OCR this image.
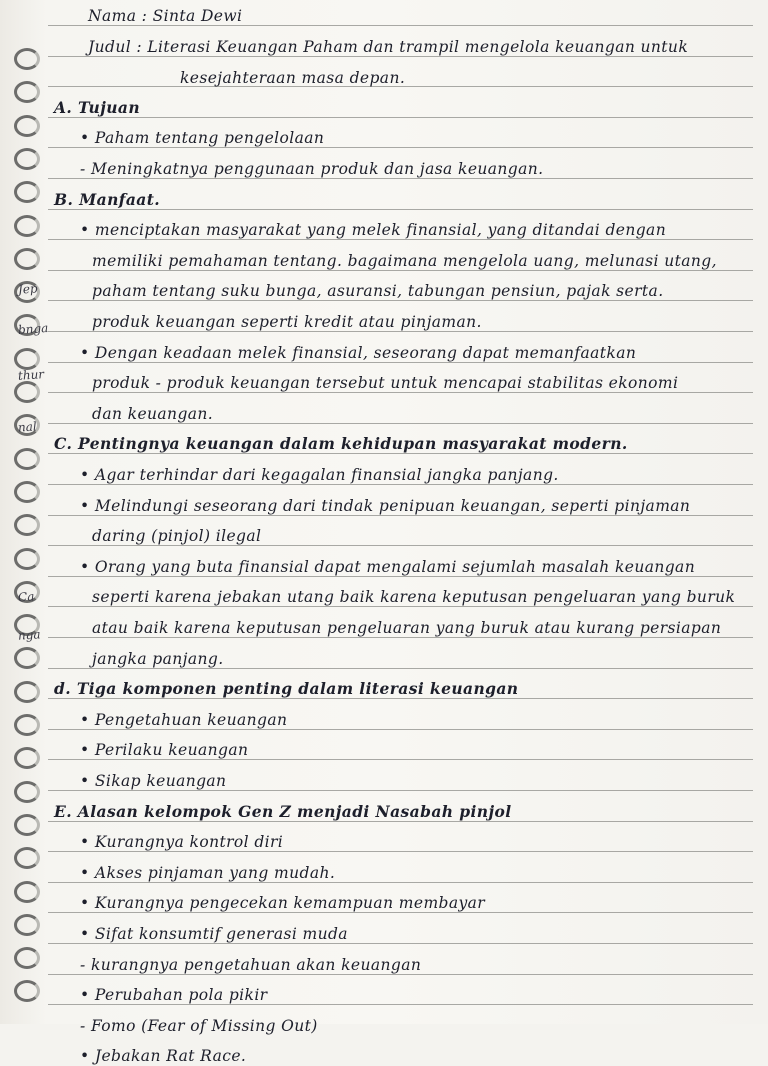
Jep
bnga
thur
nal
Ca
nga
Nama : Sinta Dewi
Judul : Literasi Keuangan Paham dan trampil mengelola keuangan untuk
kesejahteraan masa depan.
A. Tujuan
• Paham tentang pengelolaan
- Meningkatnya penggunaan produk dan jasa keuangan.
B. Manfaat.
• menciptakan masyarakat yang melek finansial, yang ditandai dengan
memiliki pemahaman tentang. bagaimana mengelola uang, melunasi utang,
paham tentang suku bunga, asuransi, tabungan pensiun, pajak serta.
produk keuangan seperti kredit atau pinjaman.
• Dengan keadaan melek finansial, seseorang dapat memanfaatkan
produk - produk keuangan tersebut untuk mencapai stabilitas ekonomi
dan keuangan.
C. Pentingnya keuangan dalam kehidupan masyarakat modern.
• Agar terhindar dari kegagalan finansial jangka panjang.
• Melindungi seseorang dari tindak penipuan keuangan, seperti pinjaman
daring (pinjol) ilegal
• Orang yang buta finansial dapat mengalami sejumlah masalah keuangan
seperti karena jebakan utang baik karena keputusan pengeluaran yang buruk
atau baik karena keputusan pengeluaran yang buruk atau kurang persiapan
jangka panjang.
d. Tiga komponen penting dalam literasi keuangan
• Pengetahuan keuangan
• Perilaku keuangan
• Sikap keuangan
E. Alasan kelompok Gen Z menjadi Nasabah pinjol
• Kurangnya kontrol diri
• Akses pinjaman yang mudah.
• Kurangnya pengecekan kemampuan membayar
• Sifat konsumtif generasi muda
- kurangnya pengetahuan akan keuangan
• Perubahan pola pikir
- Fomo (Fear of Missing Out)
• Jebakan Rat Race.
